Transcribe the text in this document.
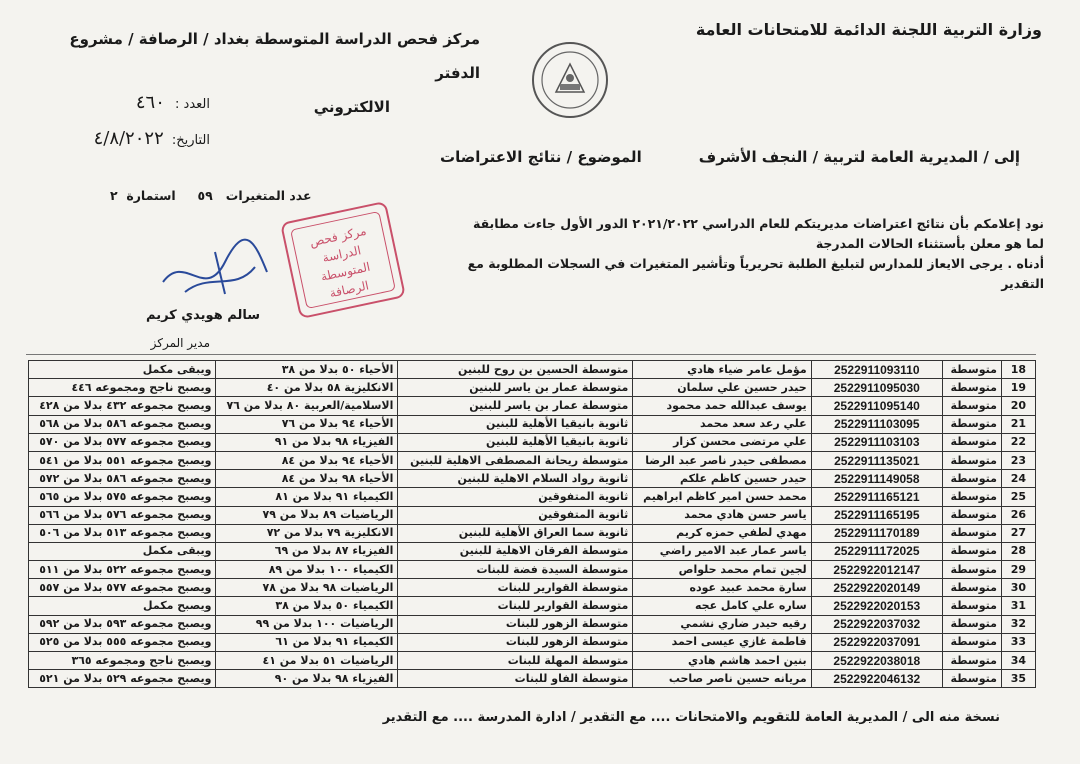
وزارة التربية اللجنة الدائمة للامتحانات العامة
مركز فحص الدراسة المتوسطة بغداد / الرصافة / مشروع الدفتر
الالكتروني
العدد : ٤٦٠
التاريخ: ٤/٨/٢٠٢٢
إلى / المديرية العامة لتربية / النجف الأشرف
الموضوع / نتائج الاعتراضات
عدد المتغيرات   ٥٩     استمارة  ٢
نود إعلامكم بأن نتائج اعتراضات مديريتكم للعام الدراسي ٢٠٢١/٢٠٢٢ الدور الأول جاءت مطابقة لما هو معلن بأستثناء الحالات المدرجة
أدناه . يرجى الايعاز للمدارس لتبليغ الطلبة تحريرياً وتأشير المتغيرات في السجلات المطلوبة مع التقدير
مركز فحص
الدراسة
المتوسطة
الرصافة
سالم هويدي كريم
مدير المركز
18	متوسطة	2522911093110	مؤمل عامر ضياء هادي	متوسطة الحسين بن روح للبنين	الأحياء ٥٠ بدلا من ٣٨	ويبقى مكمل
19	متوسطة	2522911095030	حيدر حسين علي سلمان	متوسطة عمار بن ياسر للبنين	الانكليزية ٥٨ بدلا من ٤٠	ويصبح ناجح ومجموعه ٤٤٦
20	متوسطة	2522911095140	يوسف عبدالله حمد محمود	متوسطة عمار بن ياسر للبنين	الاسلامية/العربية ٨٠ بدلا من ٧٦	ويصبح مجموعه ٤٣٢ بدلا من ٤٢٨
21	متوسطة	2522911103095	علي رعد سعد محمد	ثانوية بانيقيا الأهلية للبنين	الأحياء ٩٤ بدلا من ٧٦	ويصبح مجموعه ٥٨٦ بدلا من ٥٦٨
22	متوسطة	2522911103103	علي مرتضى محسن كزار	ثانوية بانيقيا الأهلية للبنين	الفيزياء ٩٨ بدلا من ٩١	ويصبح مجموعه ٥٧٧ بدلا من ٥٧٠
23	متوسطة	2522911135021	مصطفى حيدر ناصر عبد الرضا	متوسطة ريحانة المصطفى الاهلية للبنين	الأحياء ٩٤ بدلا من ٨٤	ويصبح مجموعه ٥٥١ بدلا من ٥٤١
24	متوسطة	2522911149058	حيدر حسين كاظم علكم	ثانوية رواد السلام الاهلية للبنين	الأحياء ٩٨ بدلا من ٨٤	ويصبح مجموعه ٥٨٦ بدلا من ٥٧٢
25	متوسطة	2522911165121	محمد حسن امير كاظم ابراهيم	ثانوية المتفوقين	الكيمياء ٩١ بدلا من ٨١	ويصبح مجموعه ٥٧٥ بدلا من ٥٦٥
26	متوسطة	2522911165195	ياسر حسن هادي محمد	ثانوية المتفوقين	الرياضيات ٨٩ بدلا من ٧٩	ويصبح مجموعه ٥٧٦ بدلا من ٥٦٦
27	متوسطة	2522911170189	مهدي لطفي حمزه كريم	ثانوية سما العراق الأهلية للبنين	الانكليزية ٧٩ بدلا من ٧٢	ويصبح مجموعه ٥١٣ بدلا من ٥٠٦
28	متوسطة	2522911172025	ياسر عمار عبد الامير راضي	متوسطة الفرقان الاهلية للبنين	الفيزياء ٨٧ بدلا من ٦٩	ويبقى مكمل
29	متوسطة	2522922012147	لجين تمام محمد حلواص	متوسطة السيدة فضة للبنات	الكيمياء ١٠٠ بدلا من ٨٩	ويصبح مجموعه ٥٢٢ بدلا من ٥١١
30	متوسطة	2522922020149	سارة محمد عبيد عوده	متوسطة القوارير للبنات	الرياضيات ٩٨ بدلا من ٧٨	ويصبح مجموعه ٥٧٧ بدلا من ٥٥٧
31	متوسطة	2522922020153	ساره علي كامل عجه	متوسطة القوارير للبنات	الكيمياء ٥٠ بدلا من ٣٨	ويصبح مكمل
32	متوسطة	2522922037032	رقيه حيدر ضاري نشمي	متوسطة الزهور للبنات	الرياضيات ١٠٠ بدلا من ٩٩	ويصبح مجموعه ٥٩٣ بدلا من ٥٩٢
33	متوسطة	2522922037091	فاطمة غازي عيسى احمد	متوسطة الزهور للبنات	الكيمياء ٩١ بدلا من ٦١	ويصبح مجموعه ٥٥٥ بدلا من ٥٢٥
34	متوسطة	2522922038018	بنين احمد هاشم هادي	متوسطة المهلة للبنات	الرياضيات ٥١ بدلا من ٤١	ويصبح ناجح ومجموعه ٣٦٥
35	متوسطة	2522922046132	مريانه حسين ناصر صاحب	متوسطة الفاو للبنات	الفيزياء ٩٨ بدلا من ٩٠	ويصبح مجموعه ٥٢٩ بدلا من ٥٢١
نسخة منه الى / المديرية العامة للتقويم والامتحانات .... مع التقدير / ادارة المدرسة .... مع التقدير
